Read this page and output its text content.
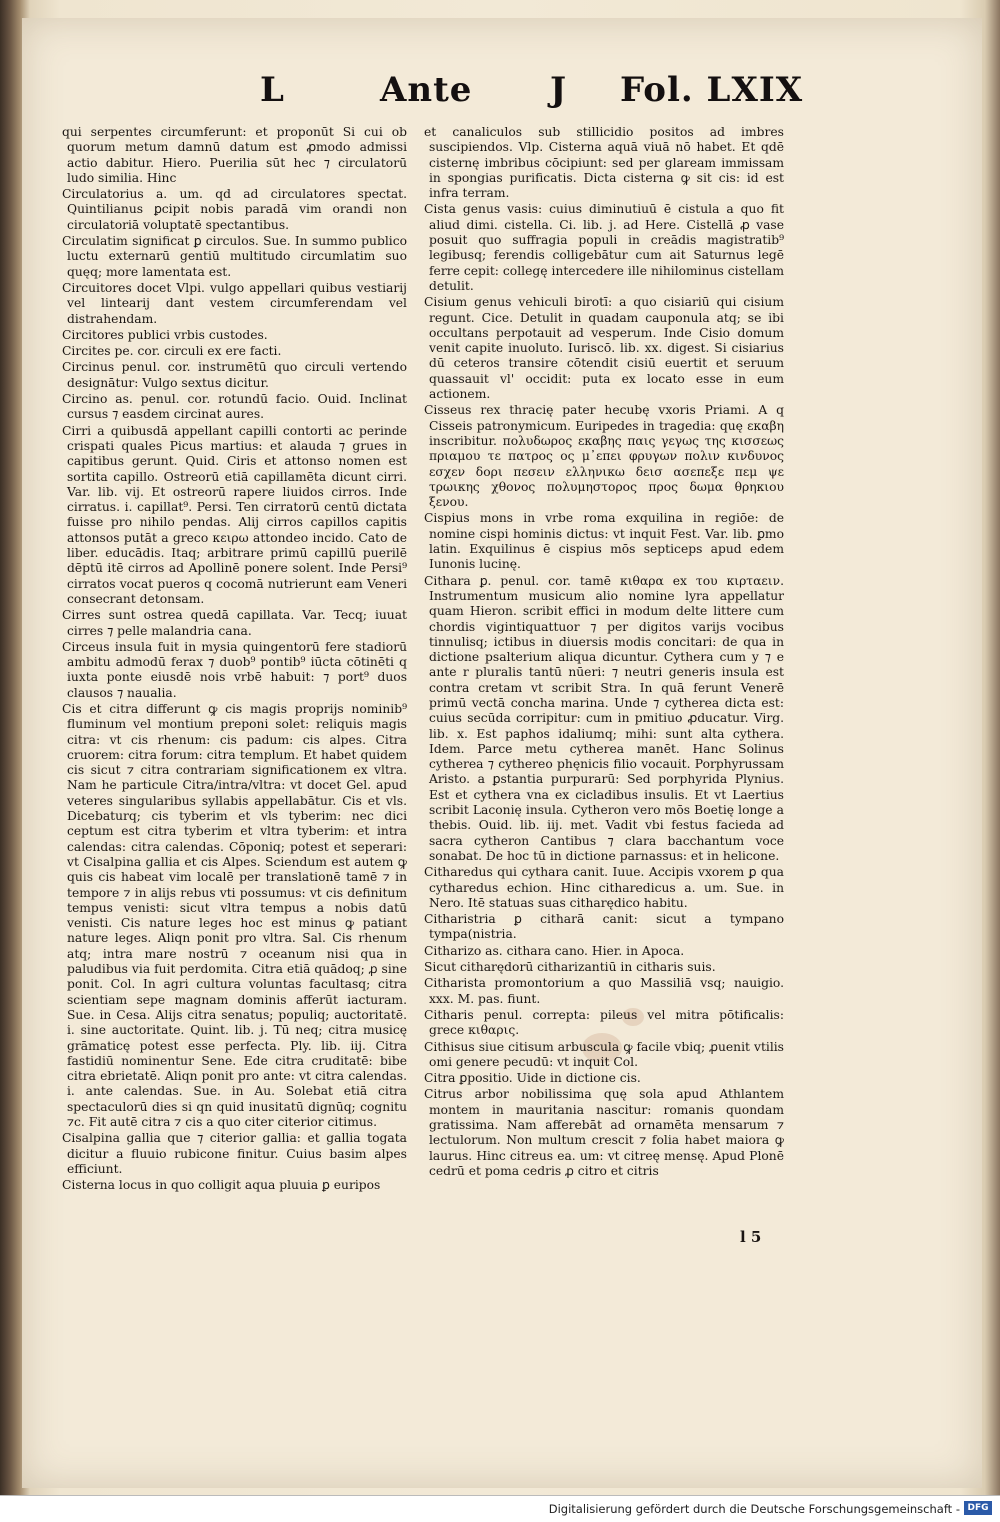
L	Ante J Fol. LXIX
qui serpentes circumferunt: et proponūt Si cui ob quorum metum damnū datum est ꝓmodo admissi actio dabitur. Hiero. Puerilia sūt hec ⁊ circulatorū ludo similia. Hinc
Circulatorius a. um. qd ad circulatores spectat. Quintilianus ꝑcipit nobis paradā vim orandi non circulatoriā voluptatē spectantibus.
Circulatim significat ꝑ circulos. Sue. In summo publico luctu externarū gentiū multitudo circumlatim suo quęq; more lamentata est.
Circuitores docet Vlpi. vulgo appellari quibus vestiarij vel lintearij dant vestem circumferendam vel distrahendam.
Circitores publici vrbis custodes.
Circites pe. cor. circuli ex ere facti.
Circinus penul. cor. instrumētū quo circuli vertendo designātur: Vulgo sextus dicitur.
Circino as. penul. cor. rotundū facio. Ouid. Inclinat cursus ⁊ easdem circinat aures.
Cirri a quibusdā appellant capilli contorti ac perinde crispati quales Picus martius: et alauda ⁊ grues in capitibus gerunt. Quid. Ciris et attonso nomen est sortita capillo. Ostreorū etiā capillamēta dicunt cirri. Var. lib. vij. Et ostreorū rapere liuidos cirros. Inde cirratus. i. capillat⁹. Persi. Ten cirratorū centū dictata fuisse pro nihilo pendas. Alij cirros capillos capitis attonsos putāt a greco κειρω attondeo incido. Cato de liber. educādis. Itaq; arbitrare primū capillū puerilē dēptū itē cirros ad Apollinē ponere solent. Inde Persi⁹ cirratos vocat pueros q cocomā nutrierunt eam Veneri consecrant detonsam.
Cirres sunt ostrea quedā capillata. Var. Tecq; iuuat cirres ⁊ pelle malandria cana.
Circeus insula fuit in mysia quingentorū fere stadiorū ambitu admodū ferax ⁊ duob⁹ pontib⁹ iūcta cōtinēti q iuxta ponte eiusdē nois vrbē habuit: ⁊ port⁹ duos clausos ⁊ naualia.
Cis et citra differunt ꝙ cis magis proprijs nominib⁹ fluminum vel montium preponi solet: reliquis magis citra: vt cis rhenum: cis padum: cis alpes. Citra cruorem: citra forum: citra templum. Et habet quidem cis sicut ⁊ citra contrariam significationem ex vltra. Nam he particule Citra/intra/vltra: vt docet Gel. apud veteres singularibus syllabis appellabātur. Cis et vls. Dicebaturq; cis tyberim et vls tyberim: nec dici ceptum est citra tyberim et vltra tyberim: et intra calendas: citra calendas. Cōponiq; potest et seperari: vt Cisalpina gallia et cis Alpes. Sciendum est autem ꝙ quis cis habeat vim localē per translationē tamē ⁊ in tempore ⁊ in alijs rebus vti possumus: vt cis definitum tempus venisti: sicut vltra tempus a nobis datū venisti. Cis nature leges hoc est minus ꝙ patiant nature leges. Aliqn ponit pro vltra. Sal. Cis rhenum atq; intra mare nostrū ⁊ oceanum nisi qua in paludibus via fuit perdomita. Citra etiā quādoq; ꝓ sine ponit. Col. In agri cultura voluntas facultasq; citra scientiam sepe magnam dominis afferūt iacturam. Sue. in Cesa. Alijs citra senatus; populiq; auctoritatē. i. sine auctoritate. Quint. lib. j. Tū neq; citra musicę grāmaticę potest esse perfecta. Ply. lib. iij. Citra fastidiū nominentur Sene. Ede citra cruditatē: bibe citra ebrietatē. Aliqn ponit pro ante: vt citra calendas. i. ante calendas. Sue. in Au. Solebat etiā citra spectaculorū dies si qn quid inusitatū dignūq; cognitu ⁊c. Fit autē citra ⁊ cis a quo citer citerior citimus.
Cisalpina gallia que ⁊ citerior gallia: et gallia togata dicitur a fluuio rubicone finitur. Cuius basim alpes efficiunt.
Cisterna locus in quo colligit aqua pluuia ꝑ euripos
et canaliculos sub stillicidio positos ad imbres suscipiendos. Vlp. Cisterna aquā viuā nō habet. Et qdē cisternę imbribus cōcipiunt: sed per glaream immissam in spongias purificatis. Dicta cisterna ꝙ sit cis: id est infra terram.
Cista genus vasis: cuius diminutiuū ē cistula a quo fit aliud dimi. cistella. Ci. lib. j. ad Here. Cistellā ꝓ vase posuit quo suffragia populi in creādis magistratib⁹ legibusq; ferendis colligebātur cum ait Saturnus legē ferre cepit: collegę intercedere ille nihilominus cistellam detulit.
Cisium genus vehiculi birotī: a quo cisiariū qui cisium regunt. Cice. Detulit in quadam cauponula atq; se ibi occultans perpotauit ad vesperum. Inde Cisio domum venit capite inuoluto. Iuriscō. lib. xx. digest. Si cisiarius dū ceteros transire cōtendit cisiū euertit et seruum quassauit vl' occidit: puta ex locato esse in eum actionem.
Cisseus rex thracię pater hecubę vxoris Priami. A q Cisseis patronymicum. Euripedes in tragedia: quę εκαβη inscribitur. πολυδωρος εκαβης παις γεγως της κισσεως πριαμου τε πατρος ος μ᾽επει φρυγων πολιν κινδυνος εσχεν δορι πεσειν ελληνικω δεισ ασεπεξε πεμ ψε τρωικης χθονος πολυμηστορος προς δωμα θρηκιου ξενου.
Cispius mons in vrbe roma exquilina in regiōe: de nomine cispi hominis dictus: vt inquit Fest. Var. lib. ꝑmo latin. Exquilinus ē cispius mōs septiceps apud edem Iunonis lucinę.
Cithara ꝑ. penul. cor. tamē κιθαρα ex του κιρταειν. Instrumentum musicum alio nomine lyra appellatur quam Hieron. scribit effici in modum delte littere cum chordis vigintiquattuor ⁊ per digitos varijs vocibus tinnulisq; ictibus in diuersis modis concitari: de qua in dictione psalterium aliqua dicuntur. Cythera cum y ⁊ e ante r pluralis tantū nūeri: ⁊ neutri generis insula est contra cretam vt scribit Stra. In quā ferunt Venerē primū vectā concha marina. Unde ⁊ cytherea dicta est: cuius secūda corripitur: cum in pmitiuo ꝓducatur. Virg. lib. x. Est paphos idaliumq; mihi: sunt alta cythera. Idem. Parce metu cytherea manēt. Hanc Solinus cytherea ⁊ cythereo phęnicis filio vocauit. Porphyrussam Aristo. a ꝑstantia purpurarū: Sed porphyrida Plynius. Est et cythera vna ex cicladibus insulis. Et vt Laertius scribit Laconię insula. Cytheron vero mōs Boetię longe a thebis. Ouid. lib. iij. met. Vadit vbi festus facieda ad sacra cytheron Cantibus ⁊ clara bacchantum voce sonabat. De hoc tū in dictione parnassus: et in helicone.
Citharedus qui cythara canit. Iuue. Accipis vxorem ꝑ qua cytharedus echion. Hinc citharedicus a. um. Sue. in Nero. Itē statuas suas citharędico habitu.
Citharistria ꝑ citharā canit: sicut a tympano tympa(nistria.
Citharizo as. cithara cano. Hier. in Apoca.
Sicut citharędorū citharizantiū in citharis suis.
Citharista promontorium a quo Massiliā vsq; nauigio. xxx. M. pas. fiunt.
Citharis penul. correpta: pileus vel mitra pōtificalis: grece κιθαρις.
Cithisus siue citisum arbuscula ꝙ facile vbiq; ꝓuenit vtilis omi genere pecudū: vt inquit Col.
Citra ꝑpositio. Uide in dictione cis.
Citrus arbor nobilissima quę sola apud Athlantem montem in mauritania nascitur: romanis quondam gratissima. Nam afferebāt ad ornamēta mensarum ⁊ lectulorum. Non multum crescit ⁊ folia habet maiora ꝙ laurus. Hinc citreus ea. um: vt citreę mensę. Apud Plonē cedrū et poma cedris ꝓ citro et citris
l 5
Digitalisierung gefördert durch die Deutsche Forschungsgemeinschaft - DFG
